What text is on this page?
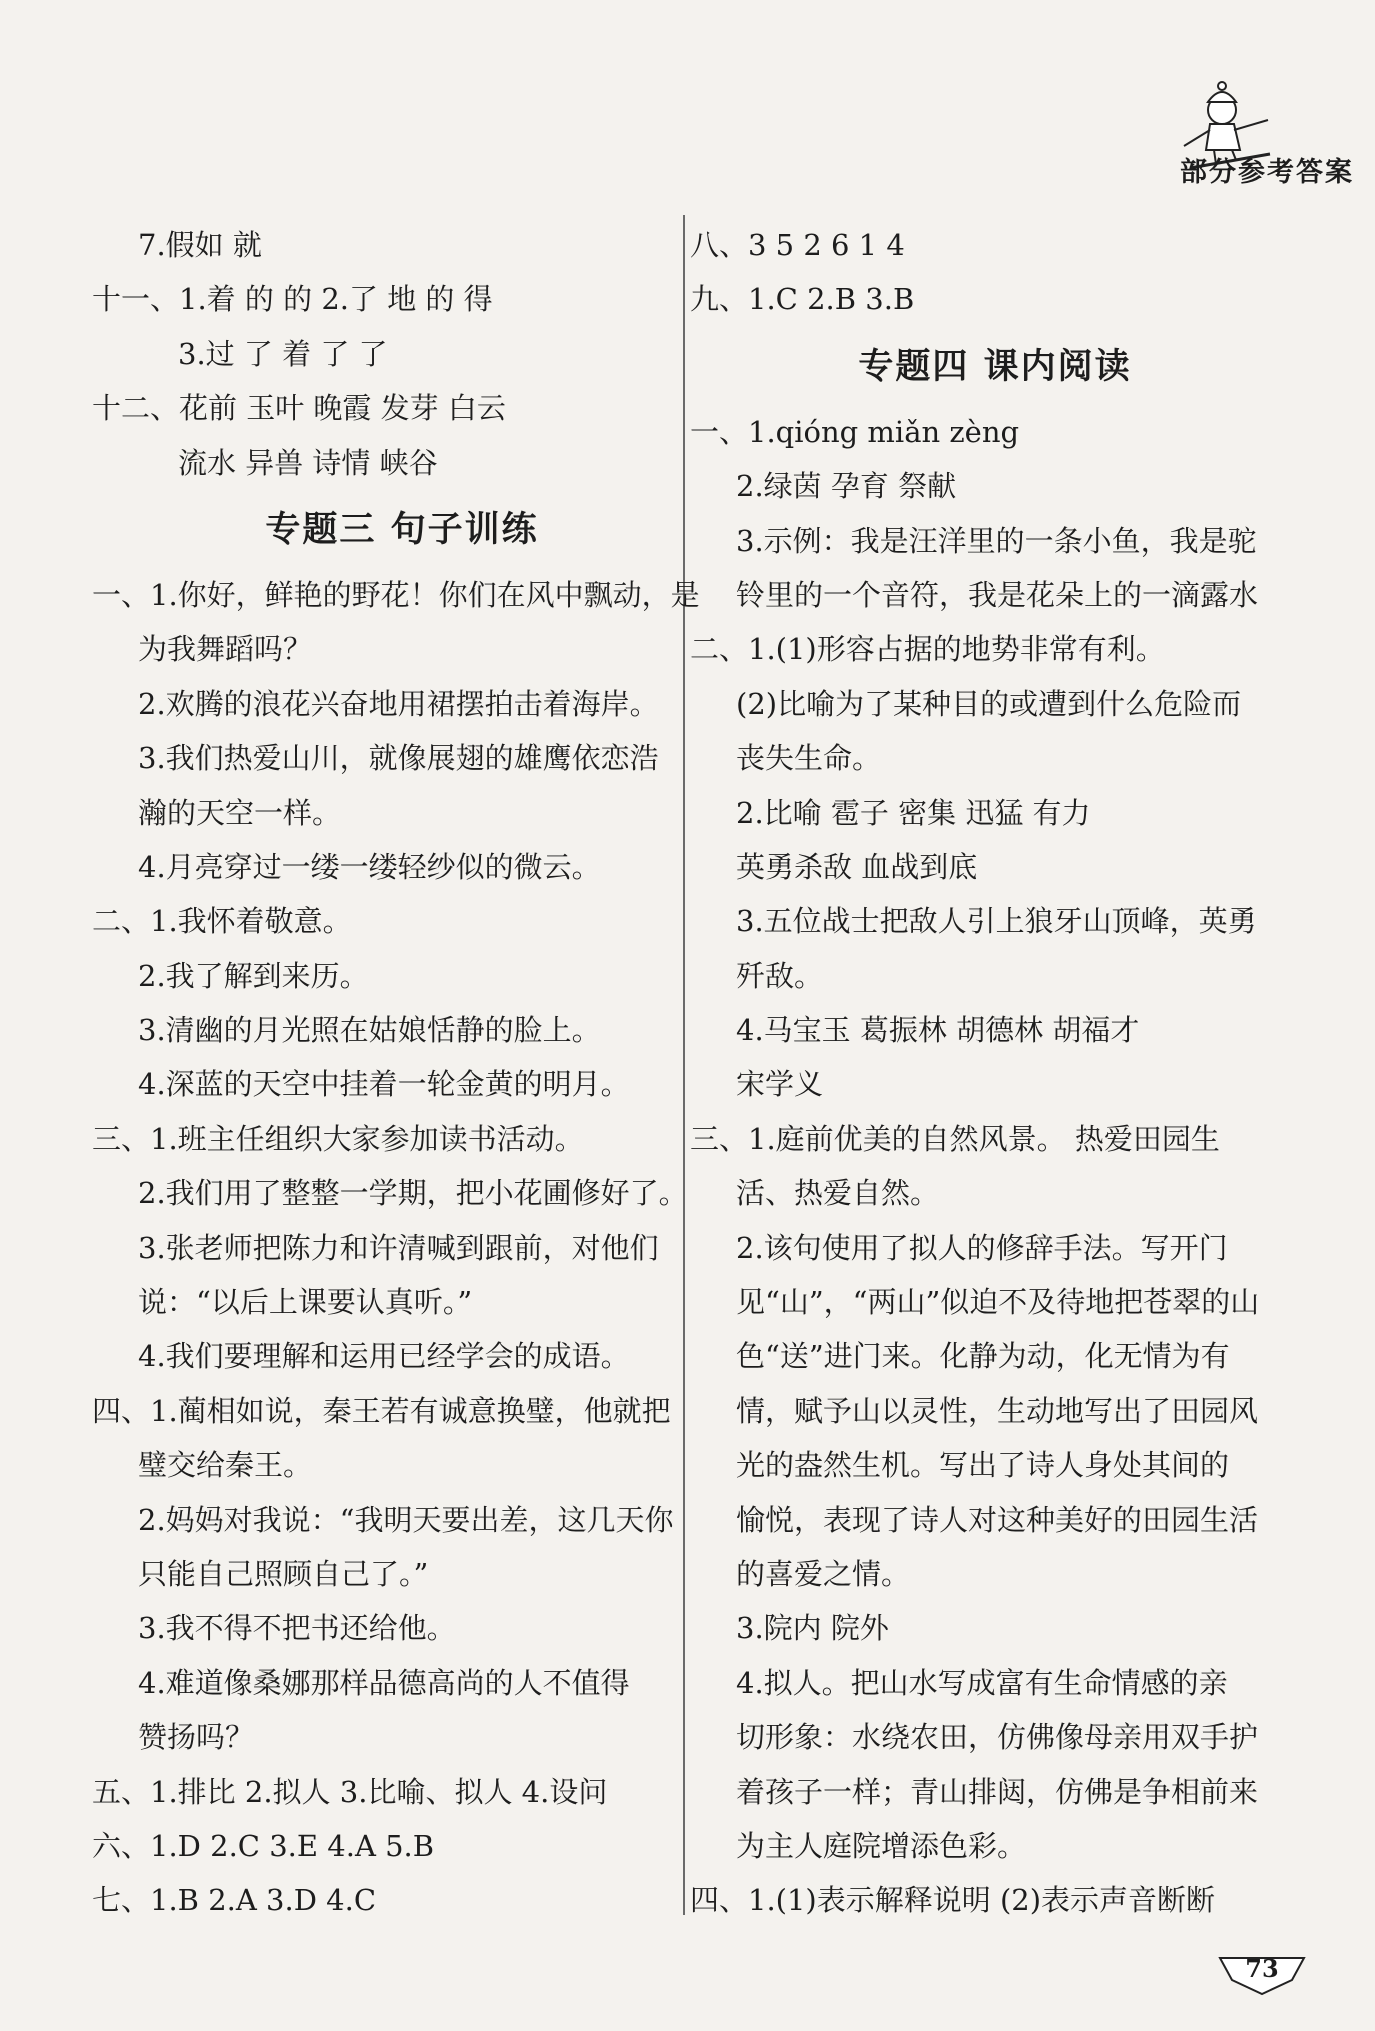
部分参考答案
7.假如 就
十一、1.着 的 的 2.了 地 的 得
3.过 了 着 了 了
十二、花前 玉叶 晚霞 发芽 白云
流水 异兽 诗情 峡谷
专题三 句子训练
一、1.你好，鲜艳的野花！你们在风中飘动，是
为我舞蹈吗？
2.欢腾的浪花兴奋地用裙摆拍击着海岸。
3.我们热爱山川，就像展翅的雄鹰依恋浩
瀚的天空一样。
4.月亮穿过一缕一缕轻纱似的微云。
二、1.我怀着敬意。
2.我了解到来历。
3.清幽的月光照在姑娘恬静的脸上。
4.深蓝的天空中挂着一轮金黄的明月。
三、1.班主任组织大家参加读书活动。
2.我们用了整整一学期，把小花圃修好了。
3.张老师把陈力和许清喊到跟前，对他们
说：“以后上课要认真听。”
4.我们要理解和运用已经学会的成语。
四、1.蔺相如说，秦王若有诚意换璧，他就把
璧交给秦王。
2.妈妈对我说：“我明天要出差，这几天你
只能自己照顾自己了。”
3.我不得不把书还给他。
4.难道像桑娜那样品德高尚的人不值得
赞扬吗？
五、1.排比 2.拟人 3.比喻、拟人 4.设问
六、1.D 2.C 3.E 4.A 5.B
七、1.B 2.A 3.D 4.C
八、3 5 2 6 1 4
九、1.C 2.B 3.B
专题四 课内阅读
一、1.qióng miǎn zèng
2.绿茵 孕育 祭献
3.示例：我是汪洋里的一条小鱼，我是驼
铃里的一个音符，我是花朵上的一滴露水
二、1.(1)形容占据的地势非常有利。
(2)比喻为了某种目的或遭到什么危险而
丧失生命。
2.比喻 雹子 密集 迅猛 有力
英勇杀敌 血战到底
3.五位战士把敌人引上狼牙山顶峰，英勇
歼敌。
4.马宝玉 葛振林 胡德林 胡福才
宋学义
三、1.庭前优美的自然风景。 热爱田园生
活、热爱自然。
2.该句使用了拟人的修辞手法。写开门
见“山”，“两山”似迫不及待地把苍翠的山
色“送”进门来。化静为动，化无情为有
情，赋予山以灵性，生动地写出了田园风
光的盎然生机。写出了诗人身处其间的
愉悦，表现了诗人对这种美好的田园生活
的喜爱之情。
3.院内 院外
4.拟人。把山水写成富有生命情感的亲
切形象：水绕农田，仿佛像母亲用双手护
着孩子一样；青山排闼，仿佛是争相前来
为主人庭院增添色彩。
四、1.(1)表示解释说明 (2)表示声音断断
73
